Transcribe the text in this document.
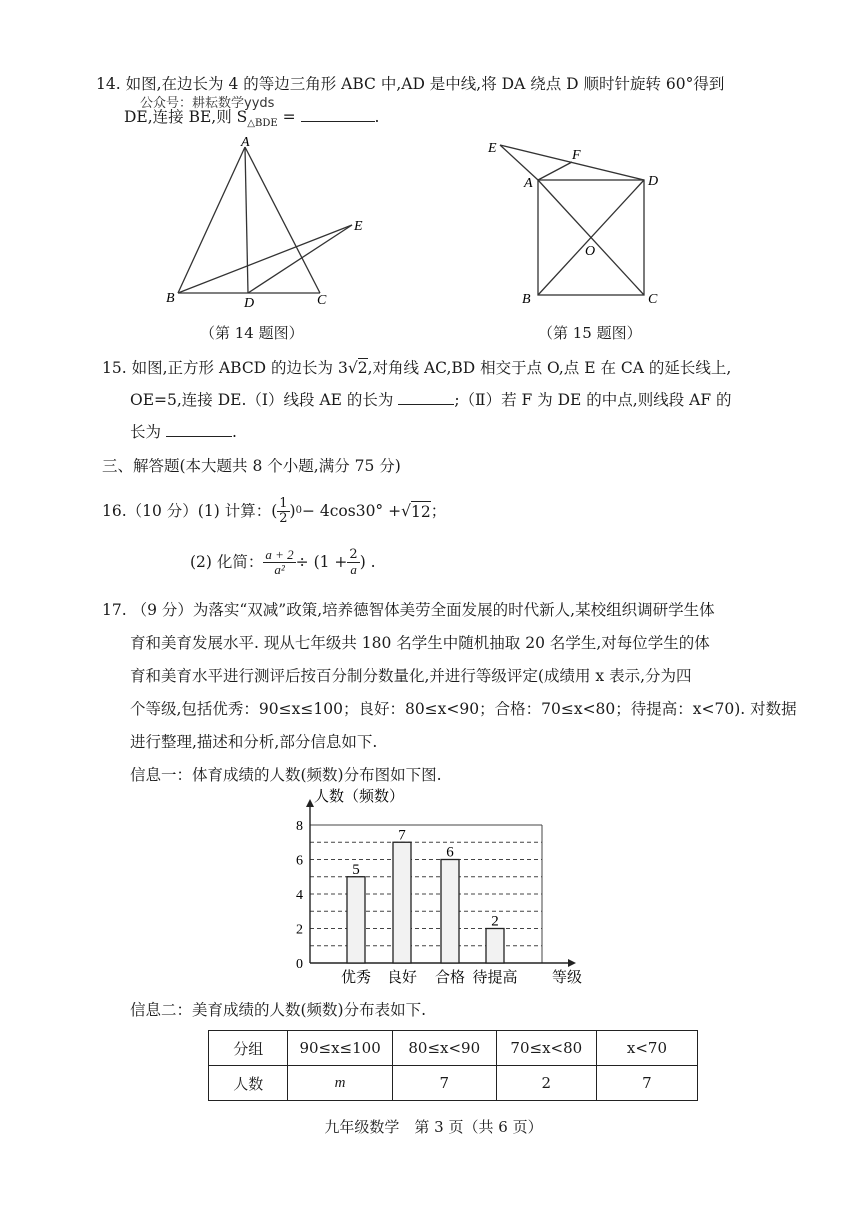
14. 如图,在边长为 4 的等边三角形 ABC 中,AD 是中线,将 DA 绕点 D 顺时针旋转 60°得到
公众号：耕耘数学yyds
DE,连接 BE,则 $S_{\triangle BDE}$ =	.
A
B	D	C
E
（第 14 题图）
E	F
A	D
O
B	C
（第 15 题图）
15. 如图,正方形 ABCD 的边长为 3√2,对角线 AC,BD 相交于点 O,点 E 在 CA 的延长线上,
OE=5,连接 DE.（Ⅰ）线段 AE 的长为	;（Ⅱ）若 F 为 DE 的中点,则线段 AF 的
长为	.
三、解答题(本大题共 8 个小题,满分 75 分)
16. （10 分）(1) 计算：( $\frac{1}{2}$ ) 0 − 4cos30° + √ 12 ；
(2) 化简： $\frac{a + 2}{\text{a²}} \div (1 + \frac{2}{a}$ ) .
17. （9 分）为落实“双减”政策,培养德智体美劳全面发展的时代新人,某校组织调研学生体
育和美育发展水平. 现从七年级共 180 名学生中随机抽取 20 名学生,对每位学生的体
育和美育水平进行测评后按百分制分数量化,并进行等级评定(成绩用 x 表示,分为四
个等级,包括优秀：90≤x≤100；良好：80≤x<90；合格：70≤x<80；待提高：x<70). 对数据
进行整理,描述和分析,部分信息如下.
信息一：体育成绩的人数(频数)分布图如下图.
0
2
4
6
8
人数（频数）
等级
5
优秀
7
良好
6
合格
2
待提高
信息二：美育成绩的人数(频数)分布表如下.
分组	90≤x≤100	80≤x<90	70≤x<80	x<70
人数	m	7	2	7
九年级数学　第 3 页（共 6 页）
